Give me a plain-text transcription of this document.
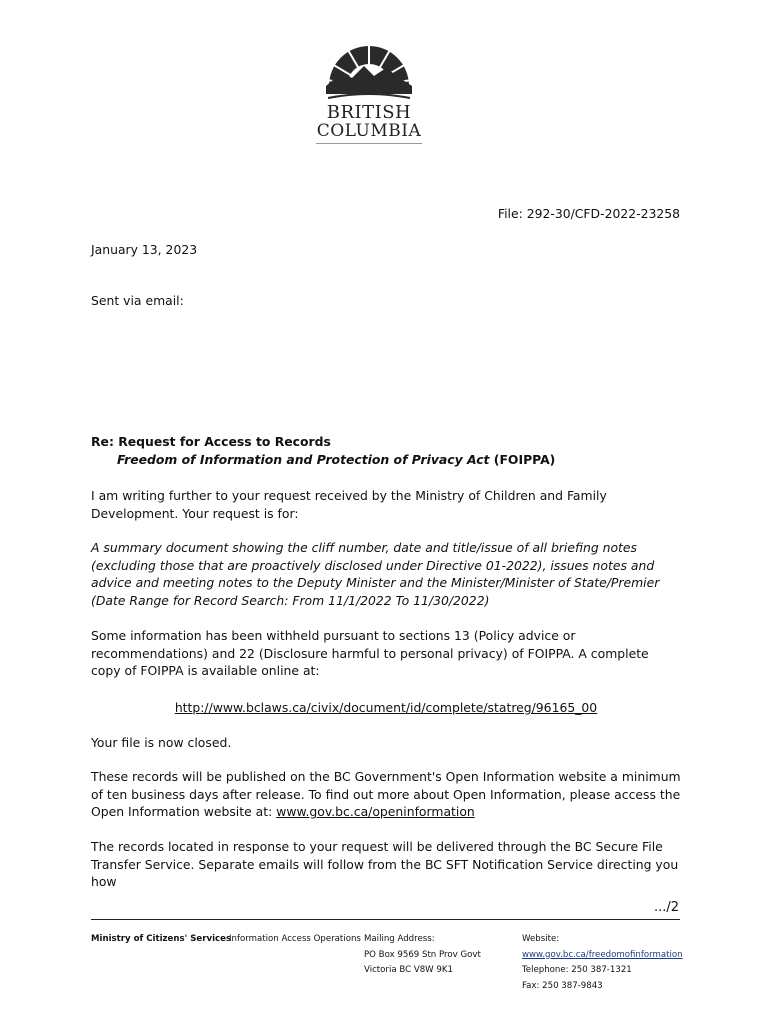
BRITISH
COLUMBIA
File: 292-30/CFD-2022-23258
January 13, 2023
Sent via email:
Re: Request for Access to Records
Freedom of Information and Protection of Privacy Act (FOIPPA)
I am writing further to your request received by the Ministry of Children and Family Development. Your request is for:
A summary document showing the cliff number, date and title/issue of all briefing notes (excluding those that are proactively disclosed under Directive 01-2022), issues notes and advice and meeting notes to the Deputy Minister and the Minister/Minister of State/Premier (Date Range for Record Search: From 11/1/2022 To 11/30/2022)
Some information has been withheld pursuant to sections 13 (Policy advice or recommendations) and 22 (Disclosure harmful to personal privacy) of FOIPPA. A complete copy of FOIPPA is available online at:
http://www.bclaws.ca/civix/document/id/complete/statreg/96165_00
Your file is now closed.
These records will be published on the BC Government's Open Information website a minimum of ten business days after release. To find out more about Open Information, please access the Open Information website at: www.gov.bc.ca/openinformation
The records located in response to your request will be delivered through the BC Secure File Transfer Service. Separate emails will follow from the BC SFT Notification Service directing you how
.../2
Ministry of Citizens' Services
Information Access Operations Mailing Address:
PO Box 9569 Stn Prov Govt
Victoria BC V8W 9K1
Website:
www.gov.bc.ca/freedomofinformation
Telephone: 250 387-1321
Fax: 250 387-9843
